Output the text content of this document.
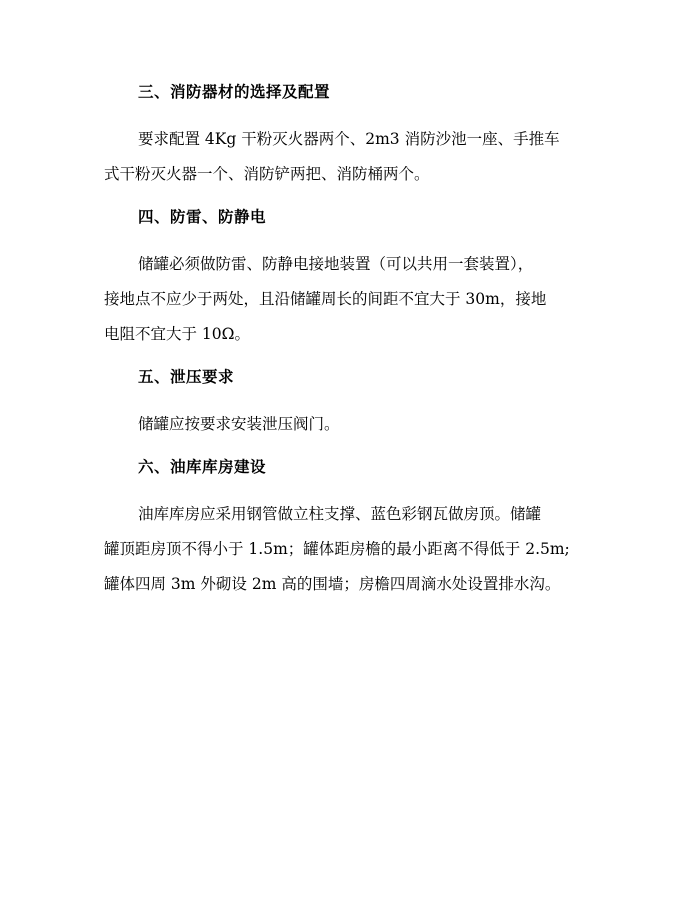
三、消防器材的选择及配置
要求配置 4Kg 干粉灭火器两个、2m3 消防沙池一座、手推车
式干粉灭火器一个、消防铲两把、消防桶两个。
四、防雷、防静电
储罐必须做防雷、防静电接地装置（可以共用一套装置），
接地点不应少于两处，且沿储罐周长的间距不宜大于 30m，接地
电阻不宜大于 10Ω。
五、泄压要求
储罐应按要求安装泄压阀门。
六、油库库房建设
油库库房应采用钢管做立柱支撑、蓝色彩钢瓦做房顶。储罐
罐顶距房顶不得小于 1.5m；罐体距房檐的最小距离不得低于 2.5m;
罐体四周 3m 外砌设 2m 高的围墙；房檐四周滴水处设置排水沟。
